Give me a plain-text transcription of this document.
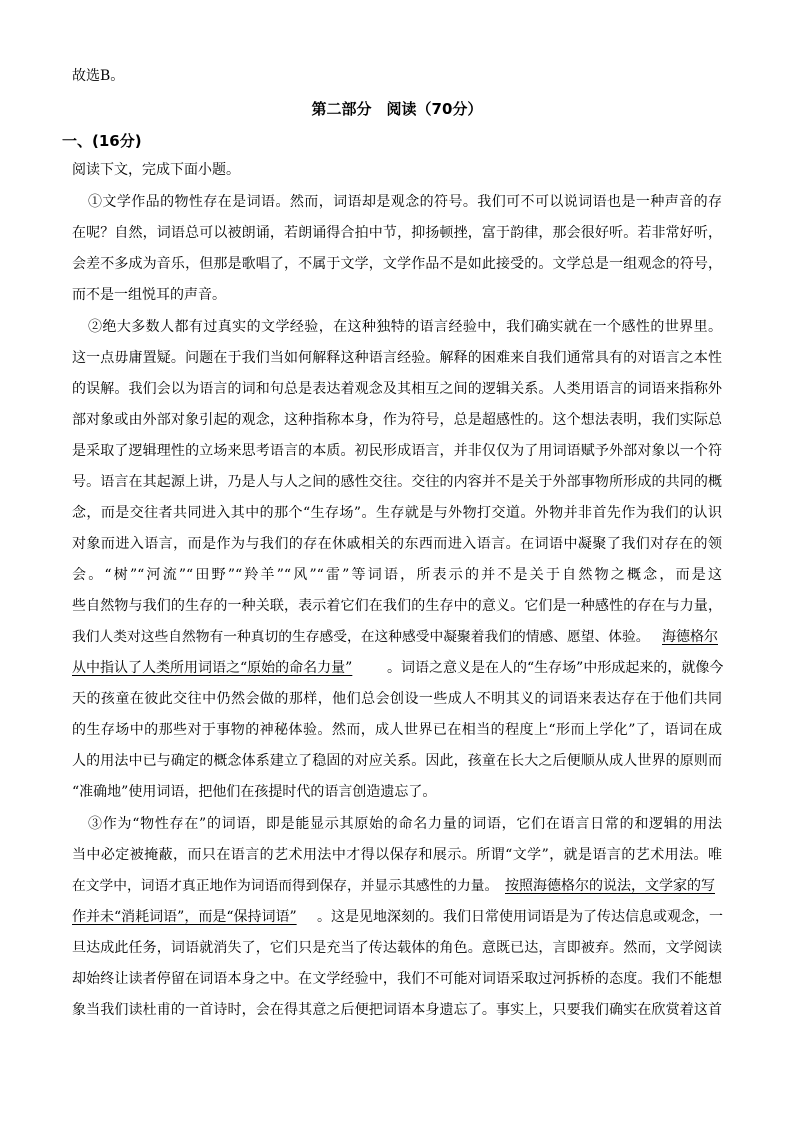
故选B。
第二部分　阅读（70分）
一、(16分)
阅读下文，完成下面小题。
①文学作品的物性存在是词语。然而，词语却是观念的符号。我们可不可以说词语也是一种声音的存
在呢？自然，词语总可以被朗诵，若朗诵得合拍中节，抑扬顿挫，富于韵律，那会很好听。若非常好听，
会差不多成为音乐，但那是歌唱了，不属于文学，文学作品不是如此接受的。文学总是一组观念的符号，
而不是一组悦耳的声音。
②绝大多数人都有过真实的文学经验，在这种独特的语言经验中，我们确实就在一个感性的世界里。
这一点毋庸置疑。问题在于我们当如何解释这种语言经验。解释的困难来自我们通常具有的对语言之本性
的误解。我们会以为语言的词和句总是表达着观念及其相互之间的逻辑关系。人类用语言的词语来指称外
部对象或由外部对象引起的观念，这种指称本身，作为符号，总是超感性的。这个想法表明，我们实际总
是采取了逻辑理性的立场来思考语言的本质。初民形成语言，并非仅仅为了用词语赋予外部对象以一个符
号。语言在其起源上讲，乃是人与人之间的感性交往。交往的内容并不是关于外部事物所形成的共同的概
念，而是交往者共同进入其中的那个“生存场”。生存就是与外物打交道。外物并非首先作为我们的认识
对象而进入语言，而是作为与我们的存在休戚相关的东西而进入语言。在词语中凝聚了我们对存在的领
会。“树”“河流”“田野”“羚羊”“风”“雷”等词语，所表示的并不是关于自然物之概念，而是这
些自然物与我们的生存的一种关联，表示着它们在我们的生存中的意义。它们是一种感性的存在与力量，
我们人类对这些自然物有一种真切的生存感受，在这种感受中凝聚着我们的情感、愿望、体验。 海德格尔
从中指认了人类所用词语之“原始的命名力量”	。词语之意义是在人的“生存场”中形成起来的，就像今
天的孩童在彼此交往中仍然会做的那样，他们总会创设一些成人不明其义的词语来表达存在于他们共同
的生存场中的那些对于事物的神秘体验。然而，成人世界已在相当的程度上“形而上学化”了，语词在成
人的用法中已与确定的概念体系建立了稳固的对应关系。因此，孩童在长大之后便顺从成人世界的原则而
“准确地”使用词语，把他们在孩提时代的语言创造遗忘了。
③作为“物性存在”的词语，即是能显示其原始的命名力量的词语，它们在语言日常的和逻辑的用法
当中必定被掩蔽，而只在语言的艺术用法中才得以保存和展示。所谓“文学”，就是语言的艺术用法。唯
在文学中，词语才真正地作为词语而得到保存，并显示其感性的力量。 按照海德格尔的说法，文学家的写
作并未“消耗词语”，而是“保持词语”	。这是见地深刻的。我们日常使用词语是为了传达信息或观念，一
旦达成此任务，词语就消失了，它们只是充当了传达载体的角色。意既已达，言即被弃。然而，文学阅读
却始终让读者停留在词语本身之中。在文学经验中，我们不可能对词语采取过河拆桥的态度。我们不能想
象当我们读杜甫的一首诗时，会在得其意之后便把词语本身遗忘了。事实上，只要我们确实在欣赏着这首
